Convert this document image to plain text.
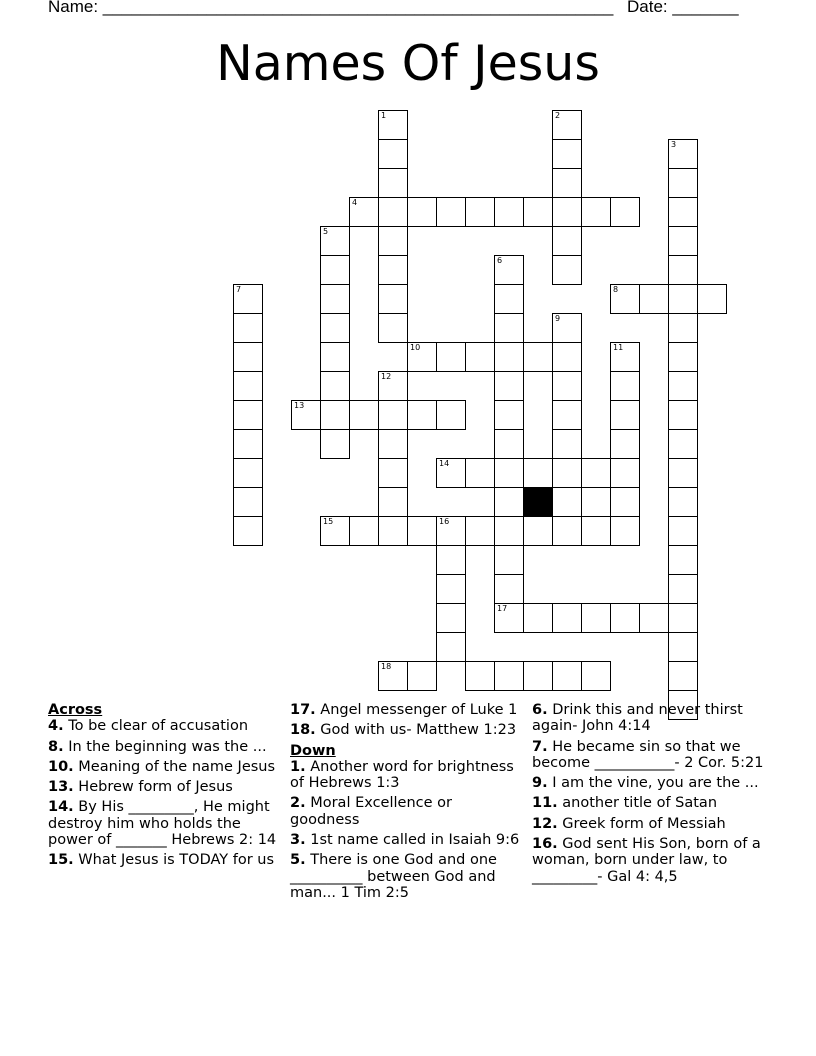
Name: ______________________________________________________ Date: _______
Names Of Jesus
1	2
3
4
5
6
7	8
9
10	11
12
13
14
15	16
17
18
Across
4. To be clear of accusation
8. In the beginning was the ...
10. Meaning of the name Jesus
13. Hebrew form of Jesus
14. By His _________, He might destroy him who holds the power of _______ Hebrews 2: 14
15. What Jesus is TODAY for us
17. Angel messenger of Luke 1
18. God with us- Matthew 1:23
Down
1. Another word for brightness of Hebrews 1:3
2. Moral Excellence or goodness
3. 1st name called in Isaiah 9:6
5. There is one God and one __________ between God and man... 1 Tim 2:5
6. Drink this and never thirst again- John 4:14
7. He became sin so that we become ___________- 2 Cor. 5:21
9. I am the vine, you are the ...
11. another title of Satan
12. Greek form of Messiah
16. God sent His Son, born of a woman, born under law, to _________- Gal 4: 4,5
